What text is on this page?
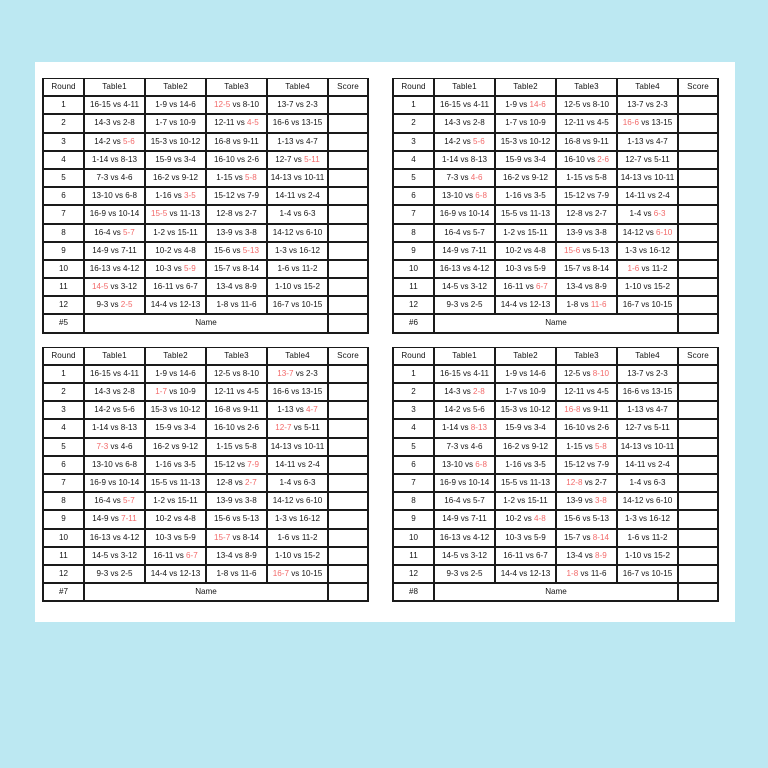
Round	Table1	Table2	Table3	Table4	Score
1	16-15 vs 4-11	1-9 vs 14-6	12-5 vs 8-10	13-7 vs 2-3	
2	14-3 vs 2-8	1-7 vs 10-9	12-11 vs 4-5	16-6 vs 13-15	
3	14-2 vs 5-6	15-3 vs 10-12	16-8 vs 9-11	1-13 vs 4-7	
4	1-14 vs 8-13	15-9 vs 3-4	16-10 vs 2-6	12-7 vs 5-11	
5	7-3 vs 4-6	16-2 vs 9-12	1-15 vs 5-8	14-13 vs 10-11	
6	13-10 vs 6-8	1-16 vs 3-5	15-12 vs 7-9	14-11 vs 2-4	
7	16-9 vs 10-14	15-5 vs 11-13	12-8 vs 2-7	1-4 vs 6-3	
8	16-4 vs 5-7	1-2 vs 15-11	13-9 vs 3-8	14-12 vs 6-10	
9	14-9 vs 7-11	10-2 vs 4-8	15-6 vs 5-13	1-3 vs 16-12	
10	16-13 vs 4-12	10-3 vs 5-9	15-7 vs 8-14	1-6 vs 11-2	
11	14-5 vs 3-12	16-11 vs 6-7	13-4 vs 8-9	1-10 vs 15-2	
12	9-3 vs 2-5	14-4 vs 12-13	1-8 vs 11-6	16-7 vs 10-15	
#5	Name				
Round	Table1	Table2	Table3	Table4	Score
1	16-15 vs 4-11	1-9 vs 14-6	12-5 vs 8-10	13-7 vs 2-3	
2	14-3 vs 2-8	1-7 vs 10-9	12-11 vs 4-5	16-6 vs 13-15	
3	14-2 vs 5-6	15-3 vs 10-12	16-8 vs 9-11	1-13 vs 4-7	
4	1-14 vs 8-13	15-9 vs 3-4	16-10 vs 2-6	12-7 vs 5-11	
5	7-3 vs 4-6	16-2 vs 9-12	1-15 vs 5-8	14-13 vs 10-11	
6	13-10 vs 6-8	1-16 vs 3-5	15-12 vs 7-9	14-11 vs 2-4	
7	16-9 vs 10-14	15-5 vs 11-13	12-8 vs 2-7	1-4 vs 6-3	
8	16-4 vs 5-7	1-2 vs 15-11	13-9 vs 3-8	14-12 vs 6-10	
9	14-9 vs 7-11	10-2 vs 4-8	15-6 vs 5-13	1-3 vs 16-12	
10	16-13 vs 4-12	10-3 vs 5-9	15-7 vs 8-14	1-6 vs 11-2	
11	14-5 vs 3-12	16-11 vs 6-7	13-4 vs 8-9	1-10 vs 15-2	
12	9-3 vs 2-5	14-4 vs 12-13	1-8 vs 11-6	16-7 vs 10-15	
#6	Name				
Round	Table1	Table2	Table3	Table4	Score
1	16-15 vs 4-11	1-9 vs 14-6	12-5 vs 8-10	13-7 vs 2-3	
2	14-3 vs 2-8	1-7 vs 10-9	12-11 vs 4-5	16-6 vs 13-15	
3	14-2 vs 5-6	15-3 vs 10-12	16-8 vs 9-11	1-13 vs 4-7	
4	1-14 vs 8-13	15-9 vs 3-4	16-10 vs 2-6	12-7 vs 5-11	
5	7-3 vs 4-6	16-2 vs 9-12	1-15 vs 5-8	14-13 vs 10-11	
6	13-10 vs 6-8	1-16 vs 3-5	15-12 vs 7-9	14-11 vs 2-4	
7	16-9 vs 10-14	15-5 vs 11-13	12-8 vs 2-7	1-4 vs 6-3	
8	16-4 vs 5-7	1-2 vs 15-11	13-9 vs 3-8	14-12 vs 6-10	
9	14-9 vs 7-11	10-2 vs 4-8	15-6 vs 5-13	1-3 vs 16-12	
10	16-13 vs 4-12	10-3 vs 5-9	15-7 vs 8-14	1-6 vs 11-2	
11	14-5 vs 3-12	16-11 vs 6-7	13-4 vs 8-9	1-10 vs 15-2	
12	9-3 vs 2-5	14-4 vs 12-13	1-8 vs 11-6	16-7 vs 10-15	
#7	Name				
Round	Table1	Table2	Table3	Table4	Score
1	16-15 vs 4-11	1-9 vs 14-6	12-5 vs 8-10	13-7 vs 2-3	
2	14-3 vs 2-8	1-7 vs 10-9	12-11 vs 4-5	16-6 vs 13-15	
3	14-2 vs 5-6	15-3 vs 10-12	16-8 vs 9-11	1-13 vs 4-7	
4	1-14 vs 8-13	15-9 vs 3-4	16-10 vs 2-6	12-7 vs 5-11	
5	7-3 vs 4-6	16-2 vs 9-12	1-15 vs 5-8	14-13 vs 10-11	
6	13-10 vs 6-8	1-16 vs 3-5	15-12 vs 7-9	14-11 vs 2-4	
7	16-9 vs 10-14	15-5 vs 11-13	12-8 vs 2-7	1-4 vs 6-3	
8	16-4 vs 5-7	1-2 vs 15-11	13-9 vs 3-8	14-12 vs 6-10	
9	14-9 vs 7-11	10-2 vs 4-8	15-6 vs 5-13	1-3 vs 16-12	
10	16-13 vs 4-12	10-3 vs 5-9	15-7 vs 8-14	1-6 vs 11-2	
11	14-5 vs 3-12	16-11 vs 6-7	13-4 vs 8-9	1-10 vs 15-2	
12	9-3 vs 2-5	14-4 vs 12-13	1-8 vs 11-6	16-7 vs 10-15	
#8	Name				
